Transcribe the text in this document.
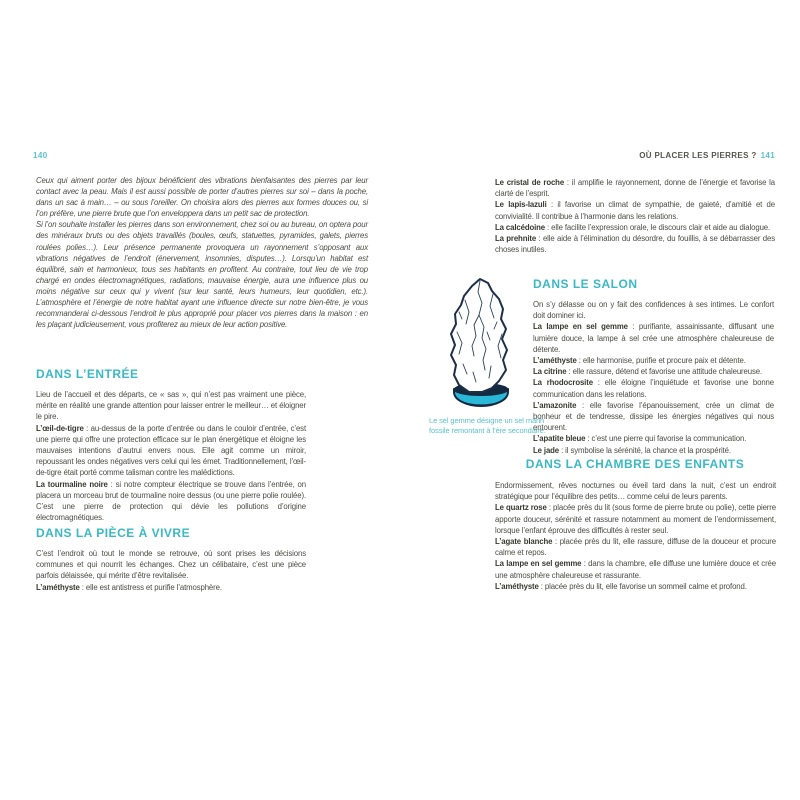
140

Ceux qui aiment porter des bijoux bénéficient des vibrations bienfaisantes des pierres par leur contact avec la peau. Mais il est aussi possible de porter d’autres pierres sur soi – dans la poche, dans un sac à main… – ou sous l’oreiller. On choisira alors des pierres aux formes douces ou, si l’on préfère, une pierre brute que l’on enveloppera dans un petit sac de protection.

Si l’on souhaite installer les pierres dans son environnement, chez soi ou au bureau, on optera pour des minéraux bruts ou des objets travaillés (boules, œufs, statuettes, pyramides, galets, pierres roulées polies…). Leur présence permanente provoquera un rayonnement s’opposant aux vibrations négatives de l’endroit (énervement, insomnies, disputes…). Lorsqu’un habitat est équilibré, sain et harmonieux, tous ses habitants en profitent. Au contraire, tout lieu de vie trop chargé en ondes électromagnétiques, radiations, mauvaise énergie, aura une influence plus ou moins négative sur ceux qui y vivent (sur leur santé, leurs humeurs, leur quotidien, etc.). L’atmosphère et l’énergie de notre habitat ayant une influence directe sur notre bien-être, je vous recommanderai ci-dessous l’endroit le plus approprié pour placer vos pierres dans la maison : en les plaçant judicieusement, vous profiterez au mieux de leur action positive.

DANS L’ENTRÉE

Lieu de l’accueil et des départs, ce « sas », qui n’est pas vraiment une pièce, mérite en réalité une grande attention pour laisser entrer le meilleur… et éloigner le pire.

L’œil-de-tigre : au-dessus de la porte d’entrée ou dans le couloir d’entrée, c’est une pierre qui offre une protection efficace sur le plan énergétique et éloigne les mauvaises intentions d’autrui envers nous. Elle agit comme un miroir, repoussant les ondes négatives vers celui qui les émet. Traditionnellement, l’œil-de-tigre était porté comme talisman contre les malédictions.

La tourmaline noire : si notre compteur électrique se trouve dans l’entrée, on placera un morceau brut de tourmaline noire dessus (ou une pierre polie roulée). C’est une pierre de protection qui dévie les pollutions d’origine électromagnétiques.

DANS LA PIÈCE À VIVRE

C’est l’endroit où tout le monde se retrouve, où sont prises les décisions communes et qui nourrit les échanges. Chez un célibataire, c’est une pièce parfois délaissée, qui mérite d’être revitalisée.

L’améthyste : elle est antistress et purifie l’atmosphère.

OÙ PLACER LES PIERRES ? 141

Le cristal de roche : il amplifie le rayonnement, donne de l’énergie et favorise la clarté de l’esprit.

Le lapis-lazuli : il favorise un climat de sympathie, de gaieté, d’amitié et de convivialité. Il contribue à l’harmonie dans les relations.

La calcédoine : elle facilite l’expression orale, le discours clair et aide au dialogue.

La prehnite : elle aide à l’élimination du désordre, du fouillis, à se débarrasser des choses inutiles.

Le sel gemme désigne un sel marin fossile remontant à l’ère secondaire.
DANS LE SALON

On s’y délasse ou on y fait des confidences à ses intimes. Le confort doit dominer ici.

La lampe en sel gemme : purifiante, assainissante, diffusant une lumière douce, la lampe à sel crée une atmosphère chaleureuse de détente.

L’améthyste : elle harmonise, purifie et procure paix et détente.

La citrine : elle rassure, détend et favorise une attitude chaleureuse.

La rhodocrosite : elle éloigne l’inquiétude et favorise une bonne communication dans les relations.

L’amazonite : elle favorise l’épanouissement, crée un climat de bonheur et de tendresse, dissipe les énergies négatives qui nous entourent.

L’apatite bleue : c’est une pierre qui favorise la communication.

Le jade : il symbolise la sérénité, la chance et la prospérité.

DANS LA CHAMBRE DES ENFANTS

Endormissement, rêves nocturnes ou éveil tard dans la nuit, c’est un endroit stratégique pour l’équilibre des petits… comme celui de leurs parents.

Le quartz rose : placée près du lit (sous forme de pierre brute ou polie), cette pierre apporte douceur, sérénité et rassure notamment au moment de l’endormissement, lorsque l’enfant éprouve des difficultés à rester seul.

L’agate blanche : placée près du lit, elle rassure, diffuse de la douceur et procure calme et repos.

La lampe en sel gemme : dans la chambre, elle diffuse une lumière douce et crée une atmosphère chaleureuse et rassurante.

L’améthyste : placée près du lit, elle favorise un sommeil calme et profond.
